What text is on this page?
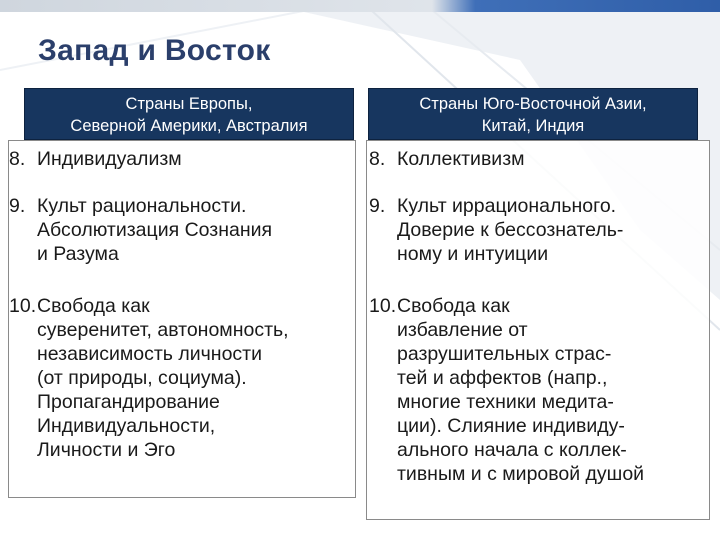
Запад и Восток
Страны Европы,
Северной Америки, Австралия
Страны Юго-Восточной Азии,
Китай, Индия
8. Индивидуализм
9. Культ рациональности.
Абсолютизация Сознания
и Разума
10. Свобода как
суверенитет, автономность,
независимость личности
(от природы, социума).
Пропагандирование
Индивидуальности,
Личности и Эго
8. Коллективизм
9. Культ иррационального.
Доверие к бессознатель-
ному и интуиции
10. Свобода как
избавление от
разрушительных страс-
тей и аффектов (напр.,
многие техники медита-
ции). Слияние индивиду-
ального начала с коллек-
тивным и с мировой душой
